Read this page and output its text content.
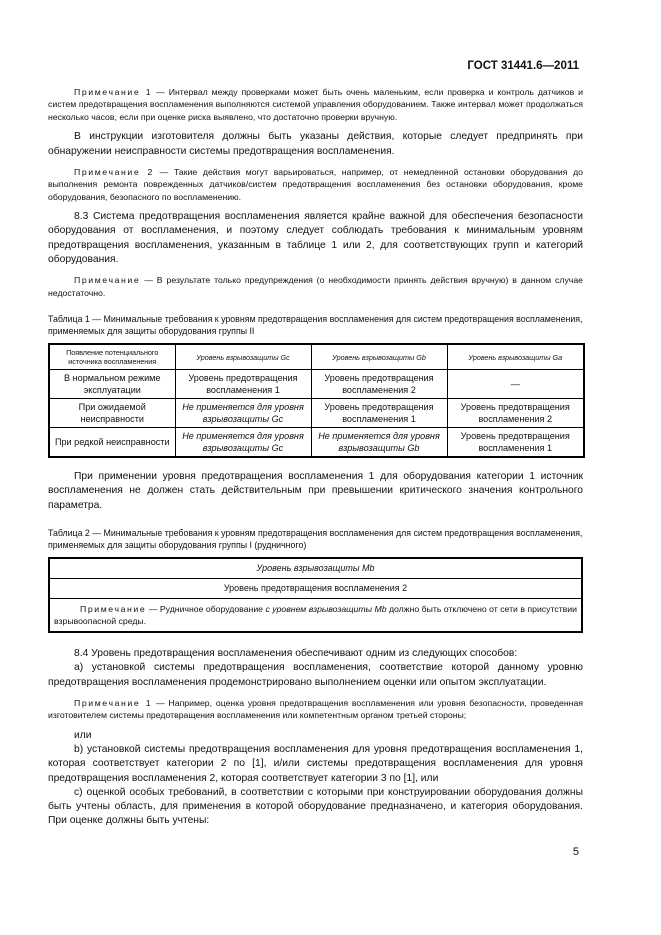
ГОСТ 31441.6—2011

Примечание 1 — Интервал между проверками может быть очень маленьким, если проверка и контроль датчиков и систем предотвращения воспламенения выполняются системой управления оборудованием. Также интервал может продолжаться несколько часов, если при оценке риска выявлено, что достаточно проверки вручную.

В инструкции изготовителя должны быть указаны действия, которые следует предпринять при обнаружении неисправности системы предотвращения воспламенения.

Примечание 2 — Такие действия могут варьироваться, например, от немедленной остановки оборудования до выполнения ремонта поврежденных датчиков/систем предотвращения воспламенения без остановки оборудования, кроме оборудования, безопасного по воспламенению.

8.3 Система предотвращения воспламенения является крайне важной для обеспечения безопасности оборудования от воспламенения, и поэтому следует соблюдать требования к минимальным уровням предотвращения воспламенения, указанным в таблице 1 или 2, для соответствующих групп и категорий оборудования.

Примечание — В результате только предупреждения (о необходимости принять действия вручную) в данном случае недостаточно.

Таблица 1 — Минимальные требования к уровням предотвращения воспламенения для систем предотвращения воспламенения, применяемых для защиты оборудования группы II

Появление потенциального источника воспламенения	Уровень взрывозащиты Gc	Уровень взрывозащиты Gb	Уровень взрывозащиты Ga
В нормальном режиме эксплуатации	Уровень предотвращения воспламенения 1	Уровень предотвращения воспламенения 2	—
При ожидаемой неисправности	Не применяется для уровня взрывозащиты Gc	Уровень предотвращения воспламенения 1	Уровень предотвращения воспламенения 2
При редкой неисправности	Не применяется для уровня взрывозащиты Gc	Не применяется для уровня взрывозащиты Gb	Уровень предотвращения воспламенения 1

При применении уровня предотвращения воспламенения 1 для оборудования категории 1 источник воспламенения не должен стать действительным при превышении критического значения контрольного параметра.

Таблица 2 — Минимальные требования к уровням предотвращения воспламенения для систем предотвращения воспламенения, применяемых для защиты оборудования группы I (рудничного)

Уровень взрывозащиты Mb
Уровень предотвращения воспламенения 2
Примечание — Рудничное оборудование с уровнем взрывозащиты Mb должно быть отключено от сети в присутствии взрывоопасной среды.

8.4 Уровень предотвращения воспламенения обеспечивают одним из следующих способов:

а) установкой системы предотвращения воспламенения, соответствие которой данному уровню предотвращения воспламенения продемонстрировано выполнением оценки или опытом эксплуатации.

Примечание 1 — Например, оценка уровня предотвращения воспламенения или уровня безопасности, проведенная изготовителем системы предотвращения воспламенения или компетентным органом третьей стороны;

или

b) установкой системы предотвращения воспламенения для уровня предотвращения воспламенения 1, которая соответствует категории 2 по [1], и/или системы предотвращения воспламенения для уровня предотвращения воспламенения 2, которая соответствует категории 3 по [1], или

с) оценкой особых требований, в соответствии с которыми при конструировании оборудования должны быть учтены область, для применения в которой оборудование предназначено, и категория оборудования. При оценке должны быть учтены:

5
